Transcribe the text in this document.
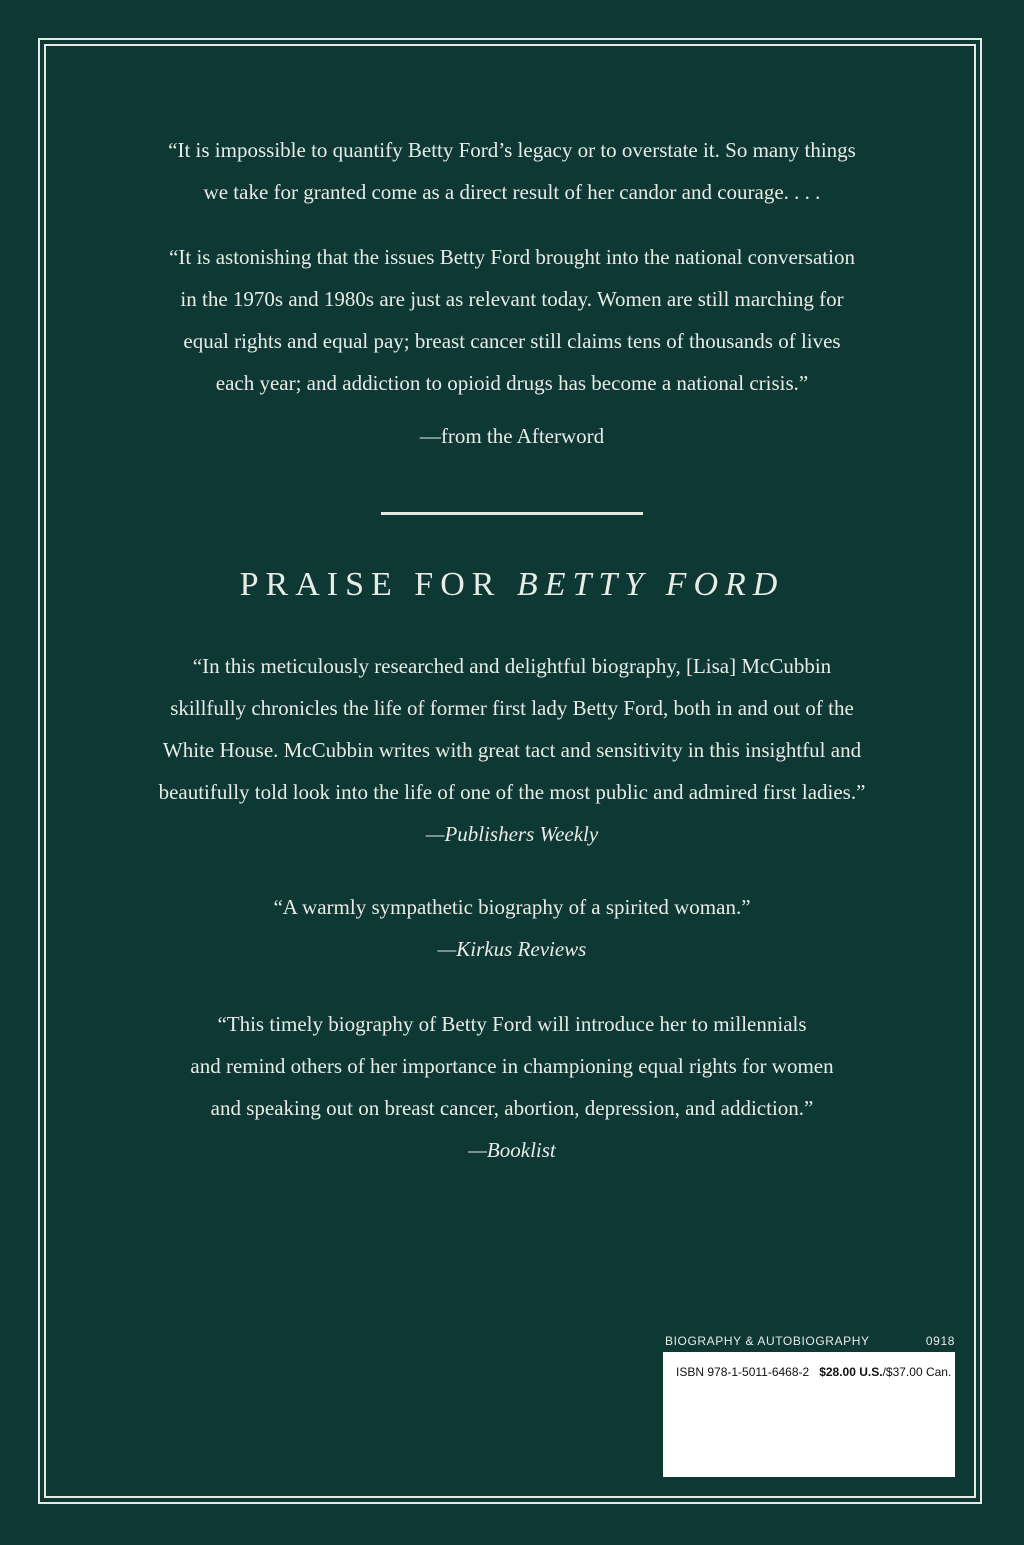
“It is impossible to quantify Betty Ford’s legacy or to overstate it. So many things
we take for granted come as a direct result of her candor and courage. . . .

“It is astonishing that the issues Betty Ford brought into the national conversation
in the 1970s and 1980s are just as relevant today. Women are still marching for
equal rights and equal pay; breast cancer still claims tens of thousands of lives
each year; and addiction to opioid drugs has become a national crisis.”

—from the Afterword
PRAISE FOR BETTY FORD

“In this meticulously researched and delightful biography, [Lisa] McCubbin
skillfully chronicles the life of former first lady Betty Ford, both in and out of the
White House. McCubbin writes with great tact and sensitivity in this insightful and
beautifully told look into the life of one of the most public and admired first ladies.”

—Publishers Weekly

“A warmly sympathetic biography of a spirited woman.”

—Kirkus Reviews

“This timely biography of Betty Ford will introduce her to millennials
and remind others of her importance in championing equal rights for women
and speaking out on breast cancer, abortion, depression, and addiction.”

—Booklist
BIOGRAPHY & AUTOBIOGRAPHY	0918
ISBN 978-1-5011-6468-2 $28.00 U.S./$37.00 Can.
